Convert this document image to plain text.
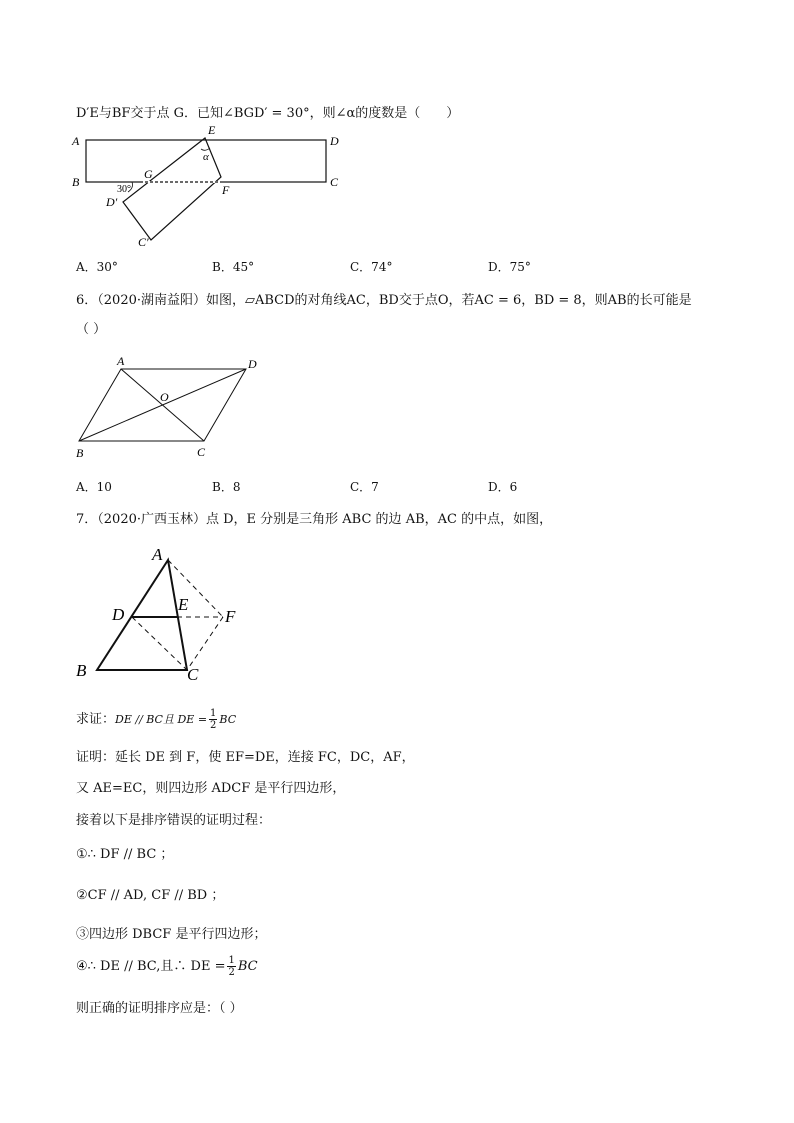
D′E与BF交于点 G．已知∠BGD′ = 30°，则∠α的度数是（　　）
A
B	C
D
E
F
G
D′
C′
α
30°
A．30°	B．45°	C．74°	D．75°
6．（2020·湖南益阳）如图，▱ABCD的对角线AC，BD交于点O，若AC = 6，BD = 8，则AB的长可能是
（ ）
A	D
B	C
O
A．10	B．8	C．7	D．6
7．（2020·广西玉林）点 D，E 分别是三角形 ABC 的边 AB，AC 的中点，如图，
A
B	C
D
E
F
求证：DE // BC且 DE = $\frac{1}{2}$ BC
证明：延长 DE 到 F，使 EF=DE，连接 FC，DC，AF，
又 AE=EC，则四边形 ADCF 是平行四边形，
接着以下是排序错误的证明过程：
①∴ DF // BC ；
②CF // AD, CF // BD ；
③四边形 DBCF 是平行四边形；
④∴ DE // BC,且∴ DE = $\frac{1}{2}$ BC
则正确的证明排序应是：（ ）
